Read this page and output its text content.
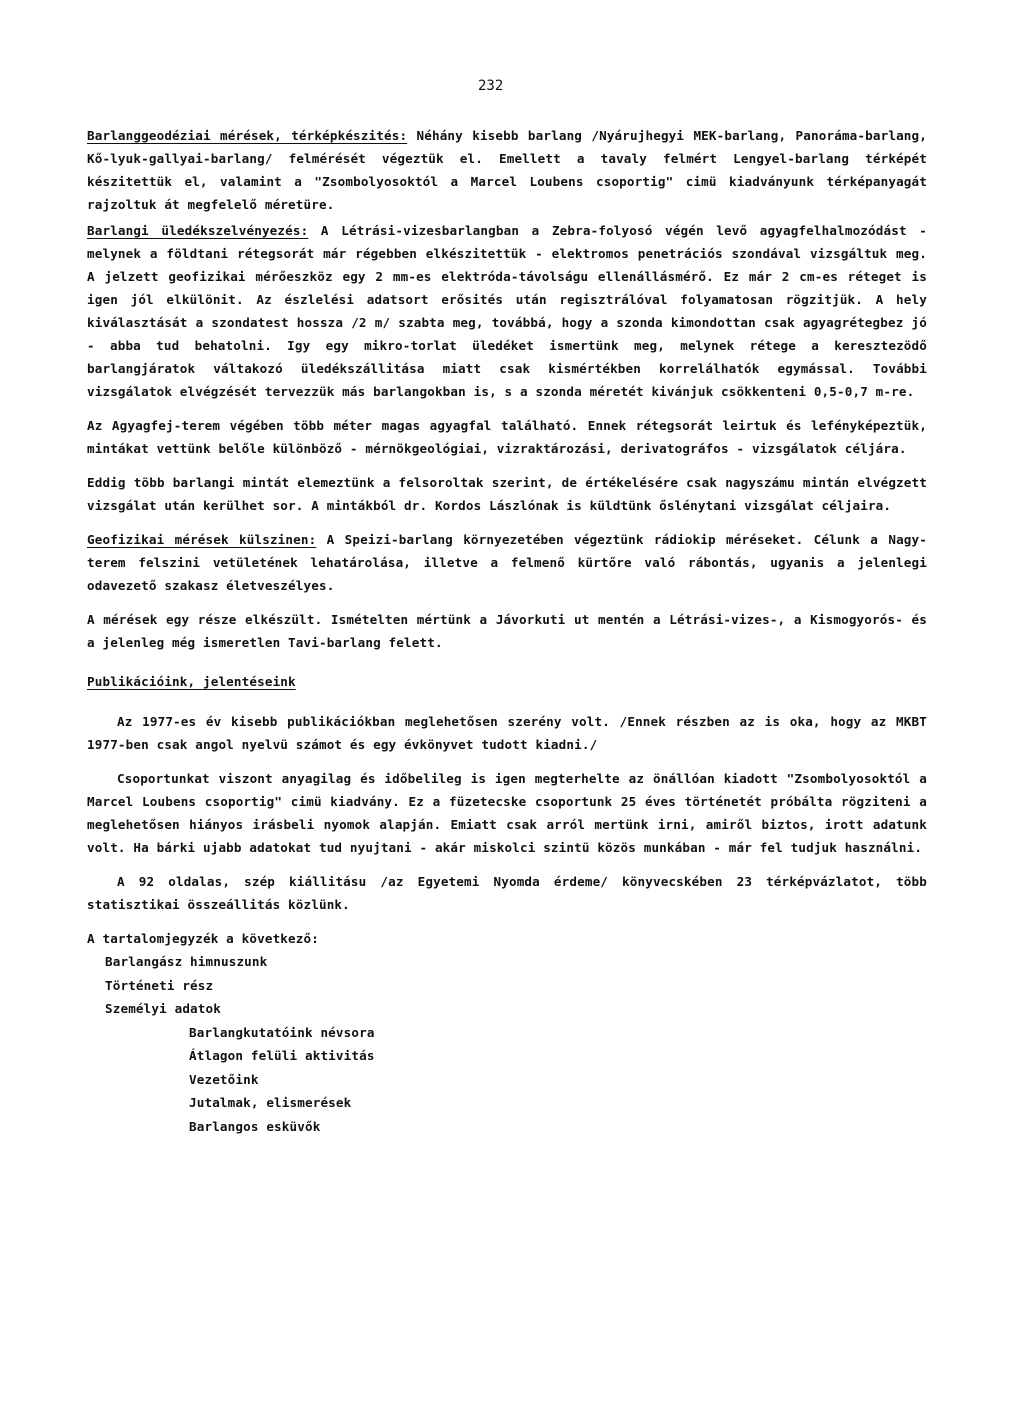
232

Barlanggeodéziai mérések, térképkészités: Néhány kisebb barlang /Nyárujhegyi MEK-barlang, Panoráma-barlang, Kő-lyuk-gallyai-barlang/ felmérését végeztük el. Emellett a tavaly felmért Lengyel-barlang térképét készitettük el, valamint a "Zsombolyosoktól a Marcel Loubens csoportig" cimü kiadványunk térképanyagát rajzoltuk át megfelelő méretüre.

Barlangi üledékszelvényezés: A Létrási-vizesbarlangban a Zebra-folyosó végén levő agyagfelhalmozódást - melynek a földtani rétegsorát már régebben elkészitettük - elektromos penetrációs szondával vizsgáltuk meg. A jelzett geofizikai mérőeszköz egy 2 mm-es elektróda-távolságu ellenállásmérő. Ez már 2 cm-es réteget is igen jól elkülönit. Az észlelési adatsort erősités után regisztrálóval folyamatosan rögzitjük. A hely kiválasztását a szondatest hossza /2 m/ szabta meg, továbbá, hogy a szonda kimondottan csak agyagrétegbez jó - abba tud behatolni. Igy egy mikro-torlat üledéket ismertünk meg, melynek rétege a keresztezödő barlangjáratok váltakozó üledékszállitása miatt csak kismértékben korrelálhatók egymással. További vizsgálatok elvégzését tervezzük más barlangokban is, s a szonda méretét kivánjuk csökkenteni 0,5-0,7 m-re.

Az Agyagfej-terem végében több méter magas agyagfal található. Ennek rétegsorát leirtuk és lefényképeztük, mintákat vettünk belőle különböző - mérnökgeológiai, vizraktározási, derivatográfos - vizsgálatok céljára.

Eddig több barlangi mintát elemeztünk a felsoroltak szerint, de értékelésére csak nagyszámu mintán elvégzett vizsgálat után kerülhet sor. A mintákból dr. Kordos Lászlónak is küldtünk őslénytani vizsgálat céljaira.

Geofizikai mérések külszinen: A Speizi-barlang környezetében végeztünk rádiokip méréseket. Célunk a Nagy-terem felszini vetületének lehatárolása, illetve a felmenő kürtőre való rábontás, ugyanis a jelenlegi odavezető szakasz életveszélyes.

A mérések egy része elkészült. Ismételten mértünk a Jávorkuti ut mentén a Létrási-vizes-, a Kismogyorós- és a jelenleg még ismeretlen Tavi-barlang felett.

Publikációink, jelentéseink

Az 1977-es év kisebb publikációkban meglehetősen szerény volt. /Ennek részben az is oka, hogy az MKBT 1977-ben csak angol nyelvü számot és egy évkönyvet tudott kiadni./

Csoportunkat viszont anyagilag és időbelileg is igen megterhelte az önállóan kiadott "Zsombolyosoktól a Marcel Loubens csoportig" cimü kiadvány. Ez a füzetecske csoportunk 25 éves történetét próbálta rögziteni a meglehetősen hiányos irásbeli nyomok alapján. Emiatt csak arról mertünk irni, amiről biztos, irott adatunk volt. Ha bárki ujabb adatokat tud nyujtani - akár miskolci szintü közös munkában - már fel tudjuk használni.

A 92 oldalas, szép kiállitásu /az Egyetemi Nyomda érdeme/ könyvecskében 23 térképvázlatot, több statisztikai összeállitás közlünk.

A tartalomjegyzék a következő:

Barlangász himnuszunk
Történeti rész
Személyi adatok
Barlangkutatóink névsora
Átlagon felüli aktivitás
Vezetőink
Jutalmak, elismerések
Barlangos esküvők
